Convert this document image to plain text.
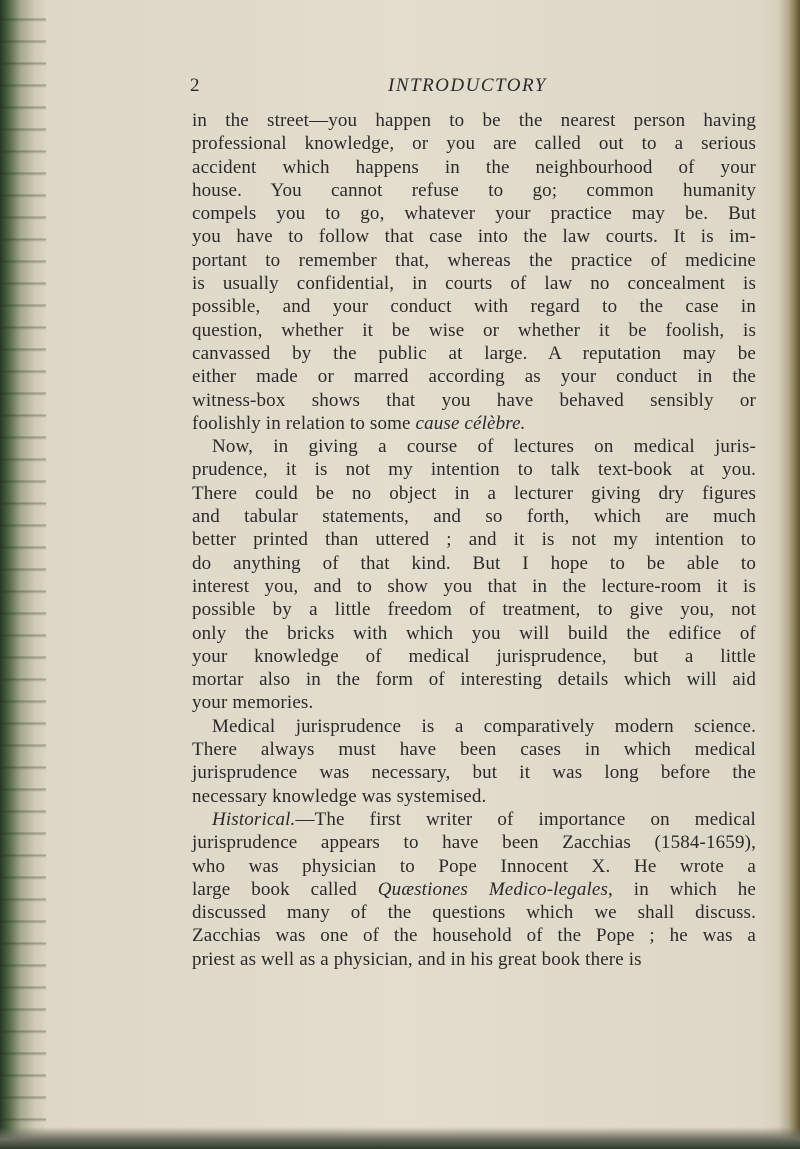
2	INTRODUCTORY
in the street—you happen to be the nearest person having
professional knowledge, or you are called out to a serious
accident which happens in the neighbourhood of your
house. You cannot refuse to go; common humanity
compels you to go, whatever your practice may be. But
you have to follow that case into the law courts. It is im-
portant to remember that, whereas the practice of medicine
is usually confidential, in courts of law no concealment is
possible, and your conduct with regard to the case in
question, whether it be wise or whether it be foolish, is
canvassed by the public at large. A reputation may be
either made or marred according as your conduct in the
witness-box shows that you have behaved sensibly or
foolishly in relation to some cause célèbre.
Now, in giving a course of lectures on medical juris-
prudence, it is not my intention to talk text-book at you.
There could be no object in a lecturer giving dry figures
and tabular statements, and so forth, which are much
better printed than uttered ; and it is not my intention to
do anything of that kind. But I hope to be able to
interest you, and to show you that in the lecture-room it is
possible by a little freedom of treatment, to give you, not
only the bricks with which you will build the edifice of
your knowledge of medical jurisprudence, but a little
mortar also in the form of interesting details which will aid
your memories.
Medical jurisprudence is a comparatively modern science.
There always must have been cases in which medical
jurisprudence was necessary, but it was long before the
necessary knowledge was systemised.
Historical.—The first writer of importance on medical
jurisprudence appears to have been Zacchias (1584-1659),
who was physician to Pope Innocent X. He wrote a
large book called Quæstiones Medico-legales, in which he
discussed many of the questions which we shall discuss.
Zacchias was one of the household of the Pope ; he was a
priest as well as a physician, and in his great book there is
